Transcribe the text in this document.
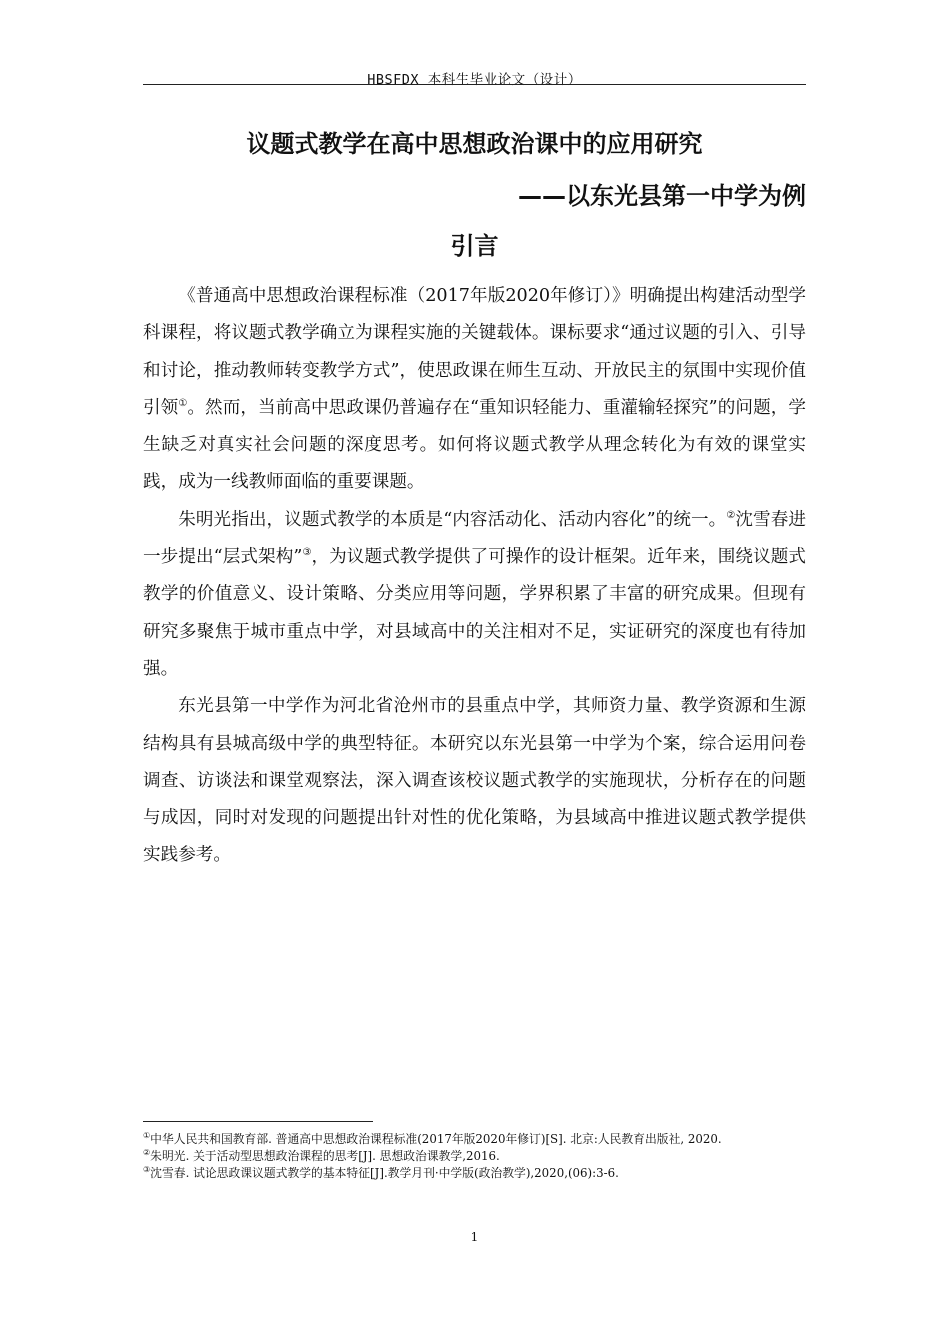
HBSFDX 本科生毕业论文（设计）
议题式教学在高中思想政治课中的应用研究
——以东光县第一中学为例
引言

《普通高中思想政治课程标准（2017年版2020年修订）》明确提出构建活动型学科课程，将议题式教学确立为课程实施的关键载体。课标要求“通过议题的引入、引导和讨论，推动教师转变教学方式”，使思政课在师生互动、开放民主的氛围中实现价值引领①。然而，当前高中思政课仍普遍存在“重知识轻能力、重灌输轻探究”的问题，学生缺乏对真实社会问题的深度思考。如何将议题式教学从理念转化为有效的课堂实践，成为一线教师面临的重要课题。

朱明光指出，议题式教学的本质是“内容活动化、活动内容化”的统一。②沈雪春进一步提出“层式架构”③，为议题式教学提供了可操作的设计框架。近年来，围绕议题式教学的价值意义、设计策略、分类应用等问题，学界积累了丰富的研究成果。但现有研究多聚焦于城市重点中学，对县域高中的关注相对不足，实证研究的深度也有待加强。

东光县第一中学作为河北省沧州市的县重点中学，其师资力量、教学资源和生源结构具有县城高级中学的典型特征。本研究以东光县第一中学为个案，综合运用问卷调查、访谈法和课堂观察法，深入调查该校议题式教学的实施现状，分析存在的问题与成因，同时对发现的问题提出针对性的优化策略，为县域高中推进议题式教学提供实践参考。

①中华人民共和国教育部. 普通高中思想政治课程标准(2017年版2020年修订)[S]. 北京:人民教育出版社, 2020.

②朱明光. 关于活动型思想政治课程的思考[J]. 思想政治课教学,2016.

③沈雪春. 试论思政课议题式教学的基本特征[J].教学月刊·中学版(政治教学),2020,(06):3-6.

1
